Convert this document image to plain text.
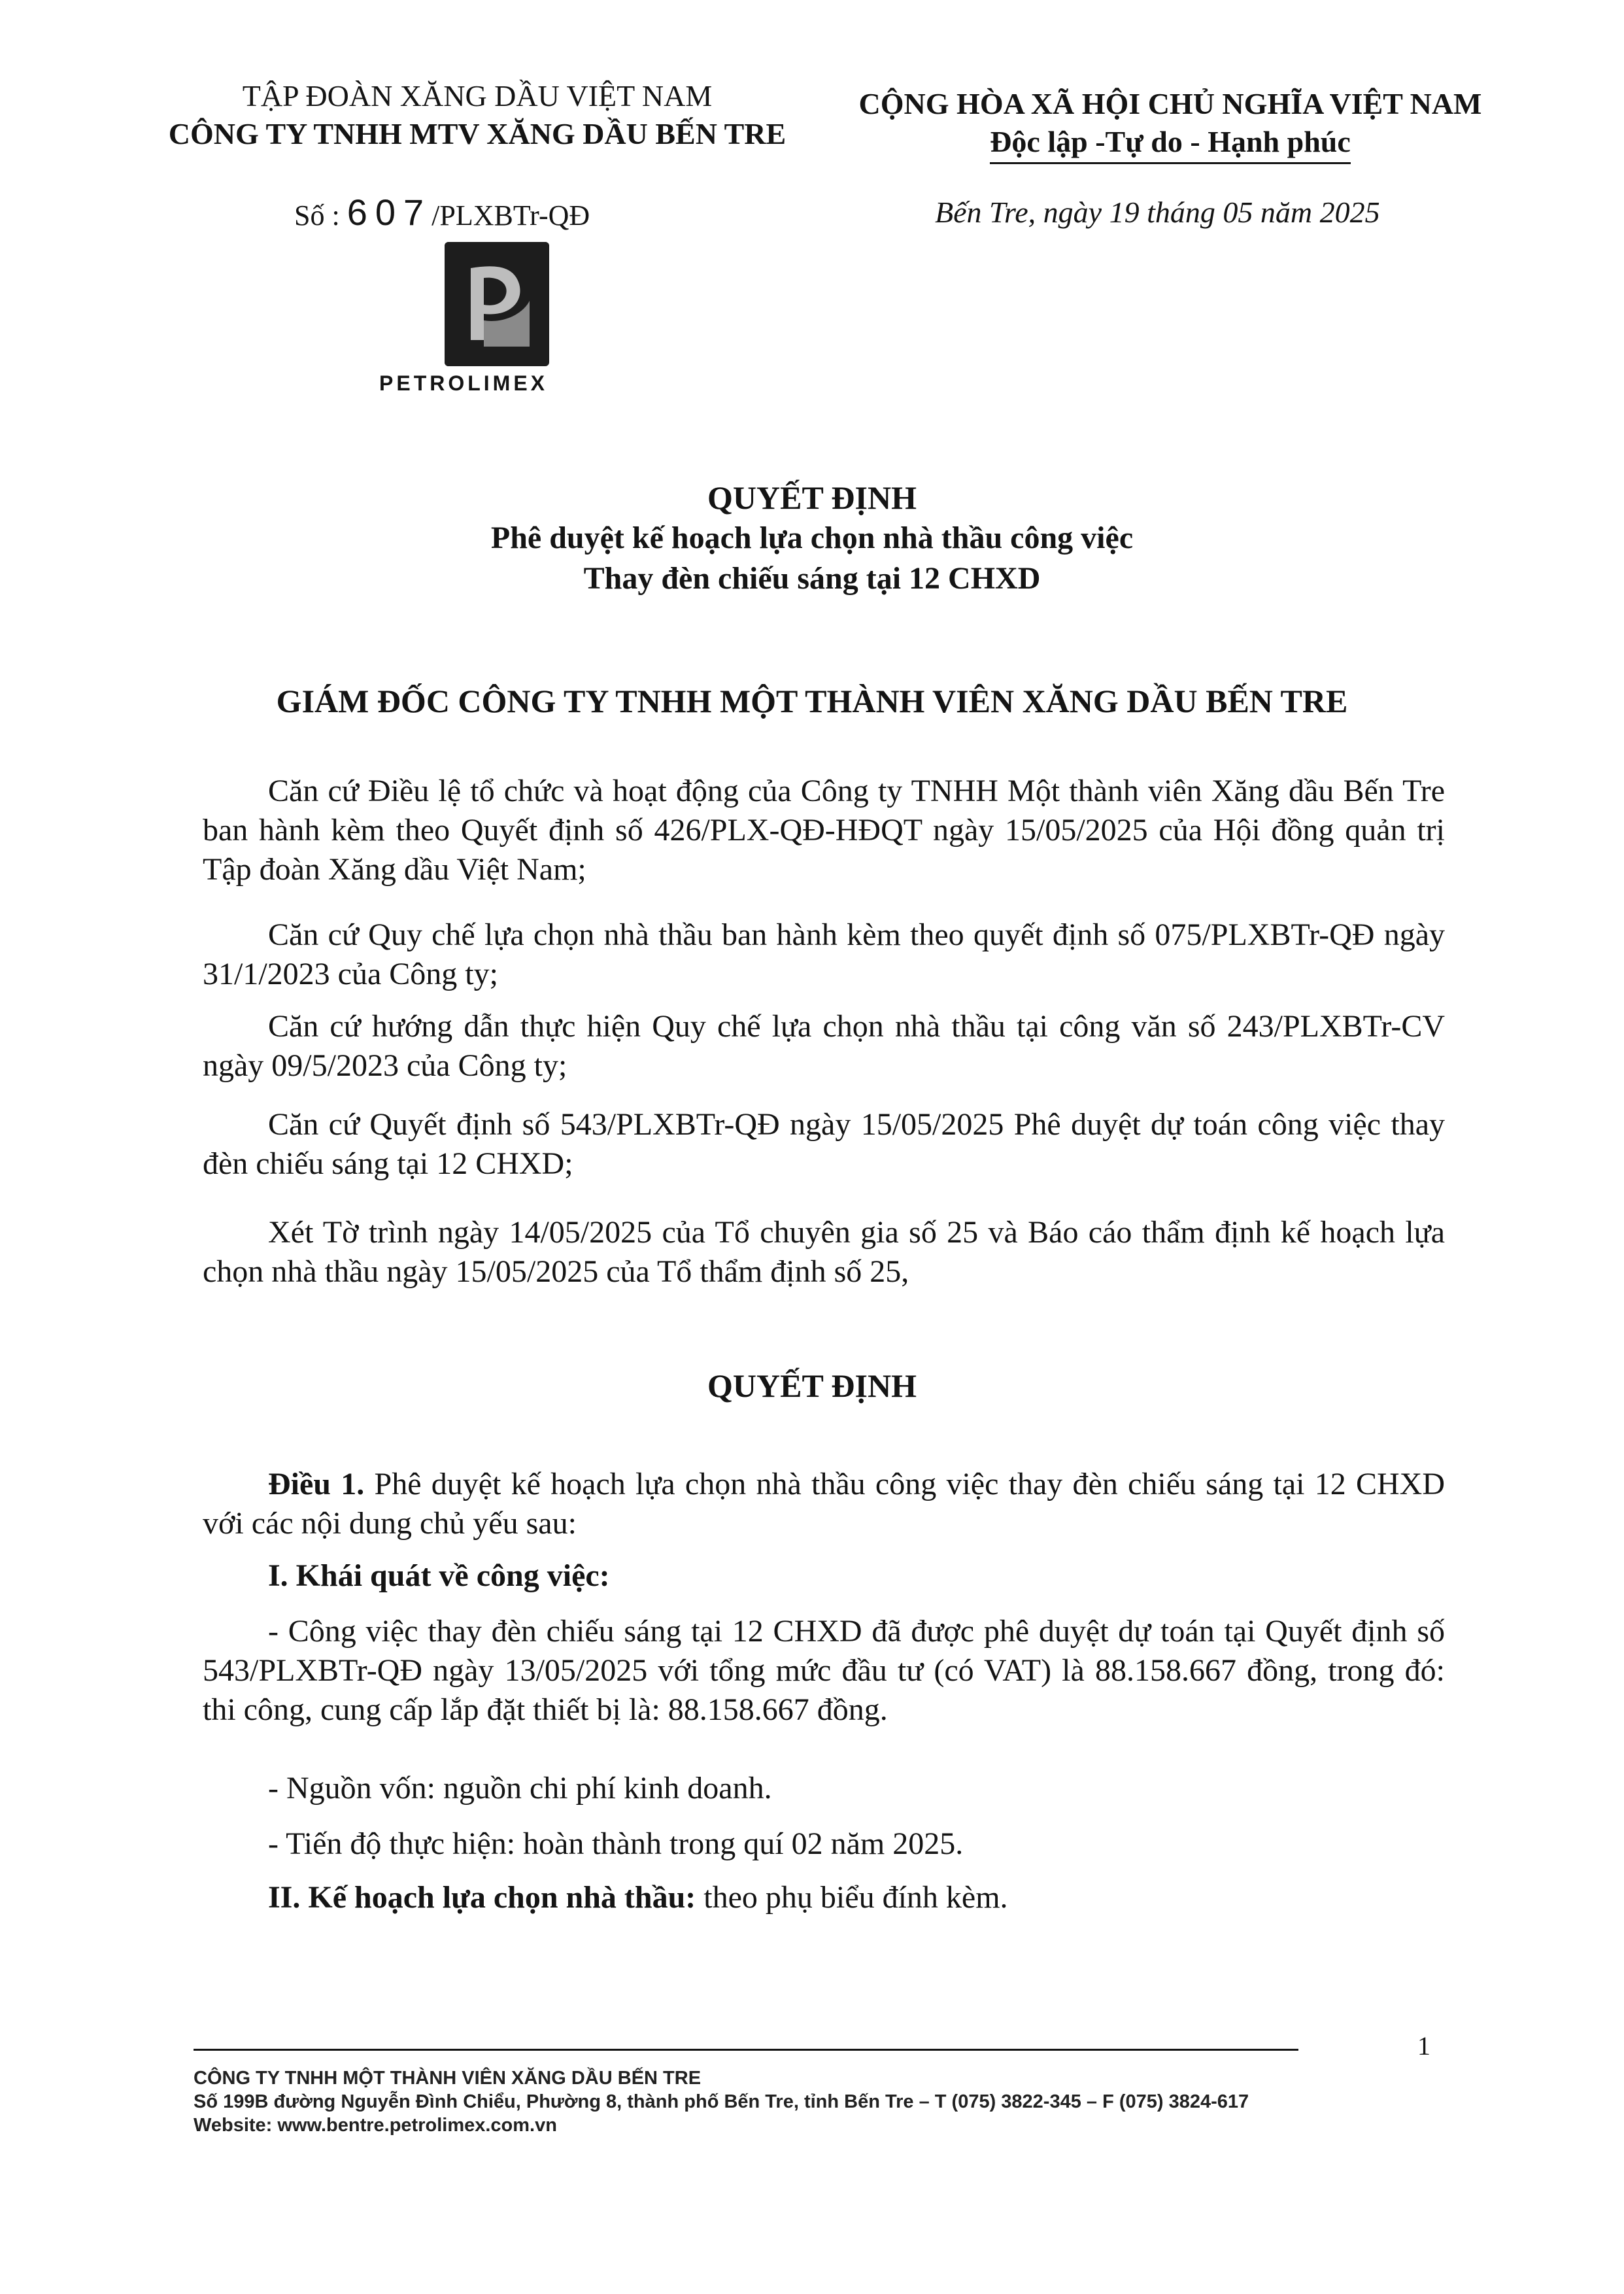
TẬP ĐOÀN XĂNG DẦU VIỆT NAM
CÔNG TY TNHH MTV XĂNG DẦU BẾN TRE
CỘNG HÒA XÃ HỘI CHỦ NGHĨA VIỆT NAM
Độc lập -Tự do - Hạnh phúc
Số : 607/PLXBTr-QĐ	Bến Tre, ngày 19 tháng 05 năm 2025
PETROLIMEX
QUYẾT ĐỊNH
Phê duyệt kế hoạch lựa chọn nhà thầu công việc
Thay đèn chiếu sáng tại 12 CHXD
GIÁM ĐỐC CÔNG TY TNHH MỘT THÀNH VIÊN XĂNG DẦU BẾN TRE

Căn cứ Điều lệ tổ chức và hoạt động của Công ty TNHH Một thành viên Xăng dầu Bến Tre ban hành kèm theo Quyết định số 426/PLX-QĐ-HĐQT ngày 15/05/2025 của Hội đồng quản trị Tập đoàn Xăng dầu Việt Nam;

Căn cứ Quy chế lựa chọn nhà thầu ban hành kèm theo quyết định số 075/PLXBTr-QĐ ngày 31/1/2023 của Công ty;

Căn cứ hướng dẫn thực hiện Quy chế lựa chọn nhà thầu tại công văn số 243/PLXBTr-CV ngày 09/5/2023 của Công ty;

Căn cứ Quyết định số 543/PLXBTr-QĐ ngày 15/05/2025 Phê duyệt dự toán công việc thay đèn chiếu sáng tại 12 CHXD;

Xét Tờ trình ngày 14/05/2025 của Tổ chuyên gia số 25 và Báo cáo thẩm định kế hoạch lựa chọn nhà thầu ngày 15/05/2025 của Tổ thẩm định số 25,

QUYẾT ĐỊNH

Điều 1. Phê duyệt kế hoạch lựa chọn nhà thầu công việc thay đèn chiếu sáng tại 12 CHXD với các nội dung chủ yếu sau:

I. Khái quát về công việc:

- Công việc thay đèn chiếu sáng tại 12 CHXD đã được phê duyệt dự toán tại Quyết định số 543/PLXBTr-QĐ ngày 13/05/2025 với tổng mức đầu tư (có VAT) là 88.158.667 đồng, trong đó: thi công, cung cấp lắp đặt thiết bị là: 88.158.667 đồng.

- Nguồn vốn: nguồn chi phí kinh doanh.

- Tiến độ thực hiện: hoàn thành trong quí 02 năm 2025.

II. Kế hoạch lựa chọn nhà thầu: theo phụ biểu đính kèm.

1
CÔNG TY TNHH MỘT THÀNH VIÊN XĂNG DẦU BẾN TRE
Số 199B đường Nguyễn Đình Chiểu, Phường 8, thành phố Bến Tre, tỉnh Bến Tre – T (075) 3822-345 – F (075) 3824-617
Website: www.bentre.petrolimex.com.vn
